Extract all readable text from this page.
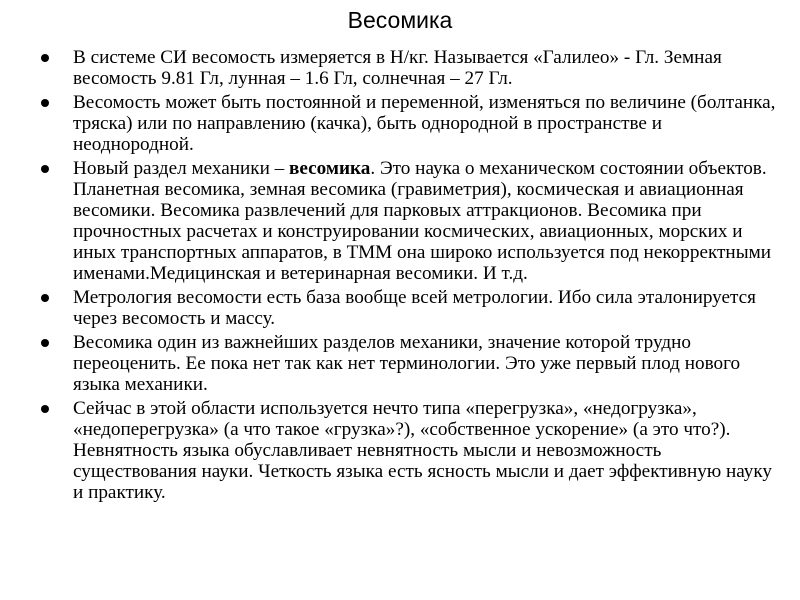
Весомика
В системе СИ весомость измеряется в Н/кг. Называется «Галилео» - Гл. Земная весомость 9.81 Гл, лунная – 1.6 Гл, солнечная – 27 Гл.
Весомость может быть постоянной и переменной, изменяться по величине (болтанка, тряска) или по направлению (качка), быть однородной в пространстве и неоднородной.
Новый раздел механики – весомика. Это наука о механическом состоянии объектов. Планетная весомика, земная весомика (гравиметрия), космическая и авиационная весомики. Весомика развлечений для парковых аттракционов. Весомика при прочностных расчетах и конструировании космических, авиационных, морских и иных транспортных аппаратов, в ТММ она широко используется под некорректными именами.Медицинская и ветеринарная весомики. И т.д.
Метрология весомости есть база вообще всей метрологии. Ибо сила эталонируется через весомость и массу.
Весомика один из важнейших разделов механики, значение которой трудно переоценить. Ее пока нет так как нет терминологии. Это уже первый плод нового языка механики.
Сейчас в этой области используется нечто типа «перегрузка», «недогрузка», «недоперегрузка» (а что такое «грузка»?), «собственное ускорение» (а это что?). Невнятность языка обуславливает невнятность мысли и невозможность существования науки. Четкость языка есть ясность мысли и дает эффективную науку и практику.
